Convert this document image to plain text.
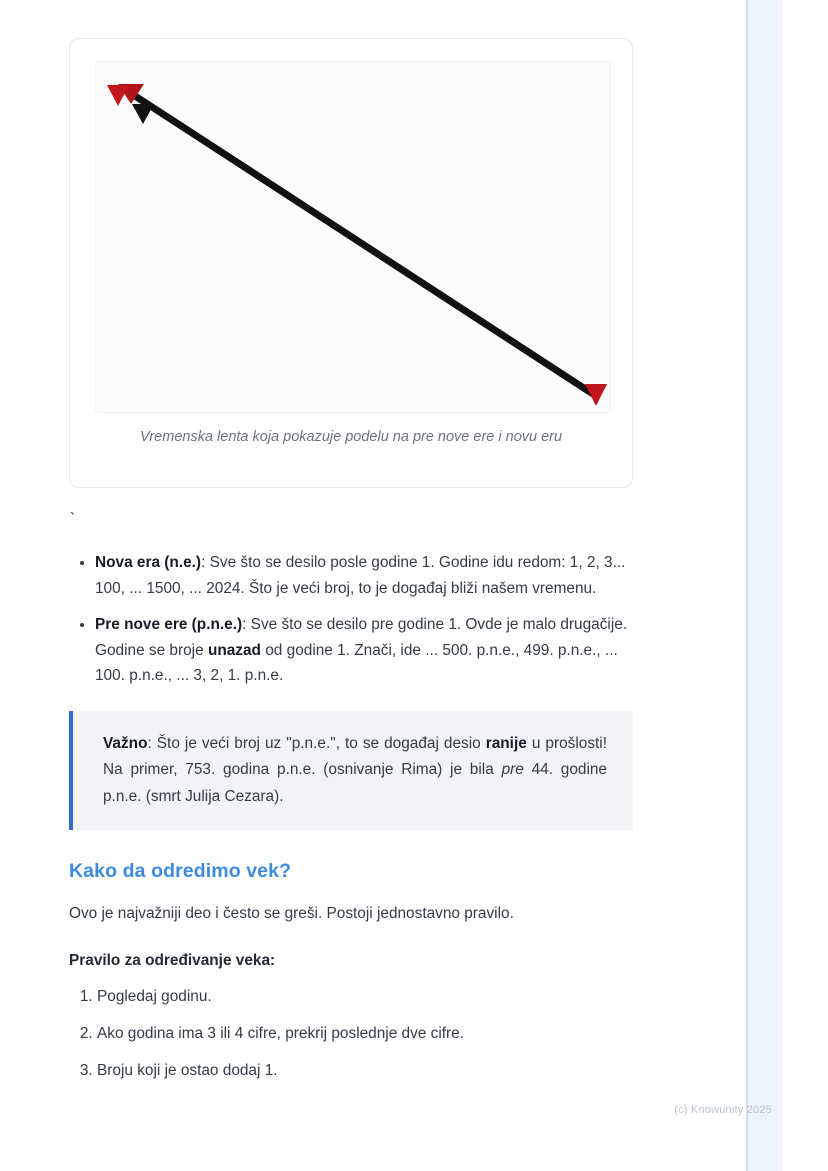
Vremenska lenta koja pokazuje podelu na pre nove ere i novu eru
`
• Nova era (n.e.): Sve što se desilo posle godine 1. Godine idu redom: 1, 2, 3... 100, ... 1500, ... 2024. Što je veći broj, to je događaj bliži našem vremenu.
• Pre nove ere (p.n.e.): Sve što se desilo pre godine 1. Ovde je malo drugačije. Godine se broje unazad od godine 1. Znači, ide ... 500. p.n.e., 499. p.n.e., ... 100. p.n.e., ... 3, 2, 1. p.n.e.

Važno: Što je veći broj uz "p.n.e.", to se događaj desio ranije u prošlosti! Na primer, 753. godina p.n.e. (osnivanje Rima) je bila pre 44. godine p.n.e. (smrt Julija Cezara).

Kako da odredimo vek?

Ovo je najvažniji deo i često se greši. Postoji jednostavno pravilo.

Pravilo za određivanje veka:

1. Pogledaj godinu.
2. Ako godina ima 3 ili 4 cifre, prekrij poslednje dve cifre.
3. Broju koji je ostao dodaj 1.
(c) Knowunity 2025
